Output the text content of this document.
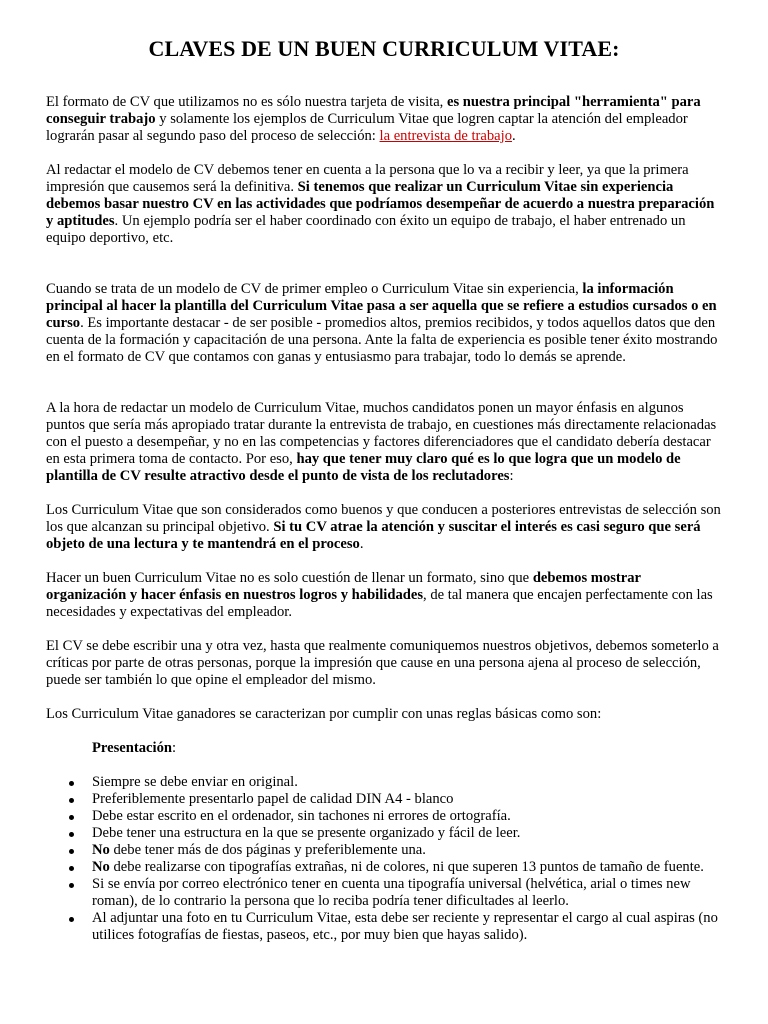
CLAVES DE UN BUEN CURRICULUM VITAE:

El formato de CV que utilizamos no es sólo nuestra tarjeta de visita, es nuestra principal "herramienta" para conseguir trabajo y solamente los ejemplos de Curriculum Vitae que logren captar la atención del empleador lograrán pasar al segundo paso del proceso de selección: la entrevista de trabajo.

Al redactar el modelo de CV debemos tener en cuenta a la persona que lo va a recibir y leer, ya que la primera impresión que causemos será la definitiva. Si tenemos que realizar un Curriculum Vitae sin experiencia debemos basar nuestro CV en las actividades que podríamos desempeñar de acuerdo a nuestra preparación y aptitudes. Un ejemplo podría ser el haber coordinado con éxito un equipo de trabajo, el haber entrenado un equipo deportivo, etc.

Cuando se trata de un modelo de CV de primer empleo o Curriculum Vitae sin experiencia, la información principal al hacer la plantilla del Curriculum Vitae pasa a ser aquella que se refiere a estudios cursados o en curso. Es importante destacar - de ser posible - promedios altos, premios recibidos, y todos aquellos datos que den cuenta de la formación y capacitación de una persona. Ante la falta de experiencia es posible tener éxito mostrando en el formato de CV que contamos con ganas y entusiasmo para trabajar, todo lo demás se aprende.

A la hora de redactar un modelo de Curriculum Vitae, muchos candidatos ponen un mayor énfasis en algunos puntos que sería más apropiado tratar durante la entrevista de trabajo, en cuestiones más directamente relacionadas con el puesto a desempeñar, y no en las competencias y factores diferenciadores que el candidato debería destacar en esta primera toma de contacto. Por eso, hay que tener muy claro qué es lo que logra que un modelo de plantilla de CV resulte atractivo desde el punto de vista de los reclutadores:

Los Curriculum Vitae que son considerados como buenos y que conducen a posteriores entrevistas de selección son los que alcanzan su principal objetivo. Si tu CV atrae la atención y suscitar el interés es casi seguro que será objeto de una lectura y te mantendrá en el proceso.

Hacer un buen Curriculum Vitae no es solo cuestión de llenar un formato, sino que debemos mostrar organización y hacer énfasis en nuestros logros y habilidades, de tal manera que encajen perfectamente con las necesidades y expectativas del empleador.

El CV se debe escribir una y otra vez, hasta que realmente comuniquemos nuestros objetivos, debemos someterlo a críticas por parte de otras personas, porque la impresión que cause en una persona ajena al proceso de selección, puede ser también lo que opine el empleador del mismo.

Los Curriculum Vitae ganadores se caracterizan por cumplir con unas reglas básicas como son:

Presentación:

Siempre se debe enviar en original.
Preferiblemente presentarlo papel de calidad DIN A4 - blanco
Debe estar escrito en el ordenador, sin tachones ni errores de ortografía.
Debe tener una estructura en la que se presente organizado y fácil de leer.
No debe tener más de dos páginas y preferiblemente una.
No debe realizarse con tipografías extrañas, ni de colores, ni que superen 13 puntos de tamaño de fuente.
Si se envía por correo electrónico tener en cuenta una tipografía universal (helvética, arial o times new roman), de lo contrario la persona que lo reciba podría tener dificultades al leerlo.
Al adjuntar una foto en tu Curriculum Vitae, esta debe ser reciente y representar el cargo al cual aspiras (no utilices fotografías de fiestas, paseos, etc., por muy bien que hayas salido).
